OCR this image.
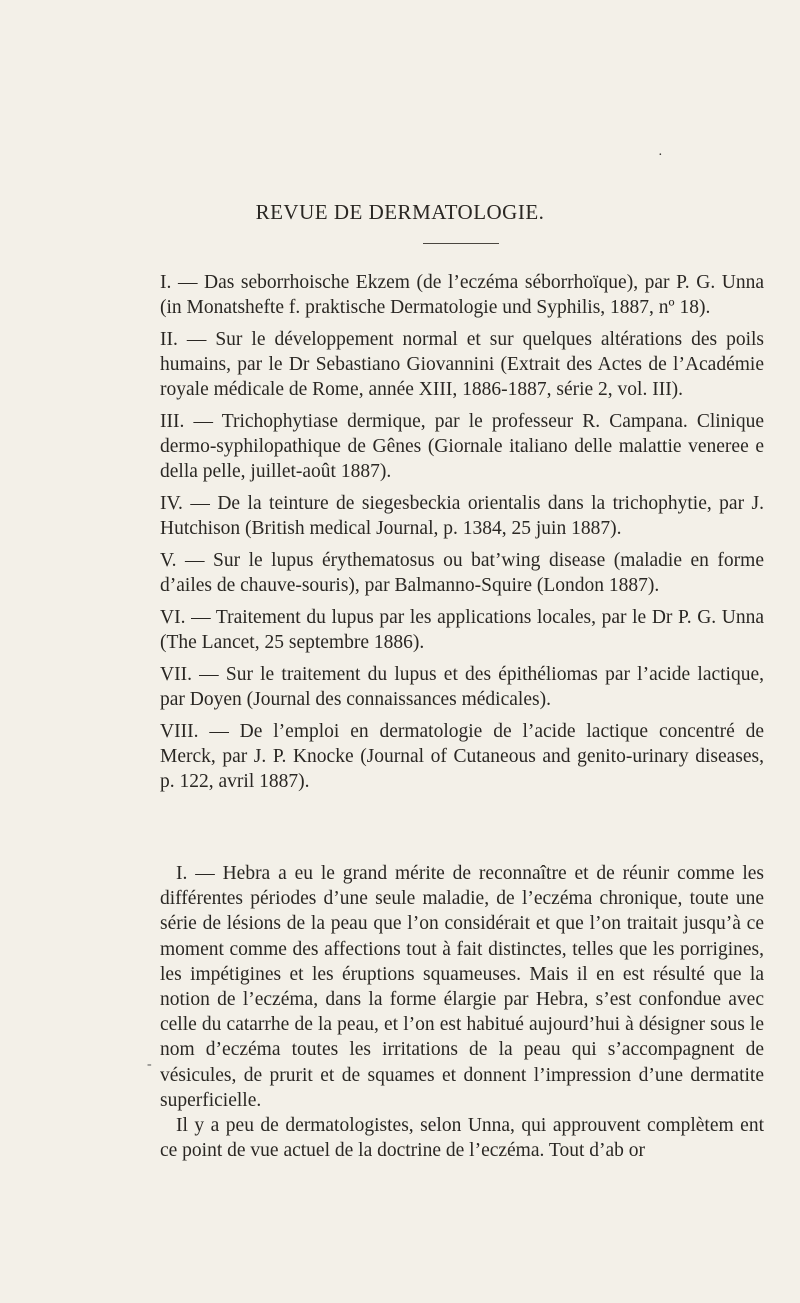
·
REVUE DE DERMATOLOGIE.

I. — Das seborrhoische Ekzem (de l’eczéma séborrhoïque), par P. G. Unna (in Monatshefte f. praktische Dermatologie und Syphilis, 1887, nº 18).

II. — Sur le développement normal et sur quelques altérations des poils humains, par le Dr Sebastiano Giovannini (Extrait des Actes de l’Académie royale médicale de Rome, année XIII, 1886-1887, série 2, vol. III).

III. — Trichophytiase dermique, par le professeur R. Campana. Clinique dermo-syphilopathique de Gênes (Giornale italiano delle malattie veneree e della pelle, juillet-août 1887).

IV. — De la teinture de siegesbeckia orientalis dans la trichophytie, par J. Hutchison (British medical Journal, p. 1384, 25 juin 1887).

V. — Sur le lupus érythematosus ou bat’wing disease (maladie en forme d’ailes de chauve-souris), par Balmanno-Squire (London 1887).

VI. — Traitement du lupus par les applications locales, par le Dr P. G. Unna (The Lancet, 25 septembre 1886).

VII. — Sur le traitement du lupus et des épithéliomas par l’acide lactique, par Doyen (Journal des connaissances médicales).

VIII. — De l’emploi en dermatologie de l’acide lactique concentré de Merck, par J. P. Knocke (Journal of Cutaneous and genito-urinary diseases, p. 122, avril 1887).

I. — Hebra a eu le grand mérite de reconnaître et de réunir comme les différentes périodes d’une seule maladie, de l’eczéma chronique, toute une série de lésions de la peau que l’on considérait et que l’on traitait jusqu’à ce moment comme des affections tout à fait distinctes, telles que les porrigines, les impétigines et les éruptions squameuses. Mais il en est résulté que la notion de l’eczéma, dans la forme élargie par Hebra, s’est confondue avec celle du catarrhe de la peau, et l’on est habitué aujourd’hui à désigner sous le nom d’eczéma toutes les irritations de la peau qui s’accompagnent de vésicules, de prurit et de squames et donnent l’impression d’une dermatite superficielle.

Il y a peu de dermatologistes, selon Unna, qui approuvent complètem ent ce point de vue actuel de la doctrine de l’eczéma. Tout d’ab or

-
